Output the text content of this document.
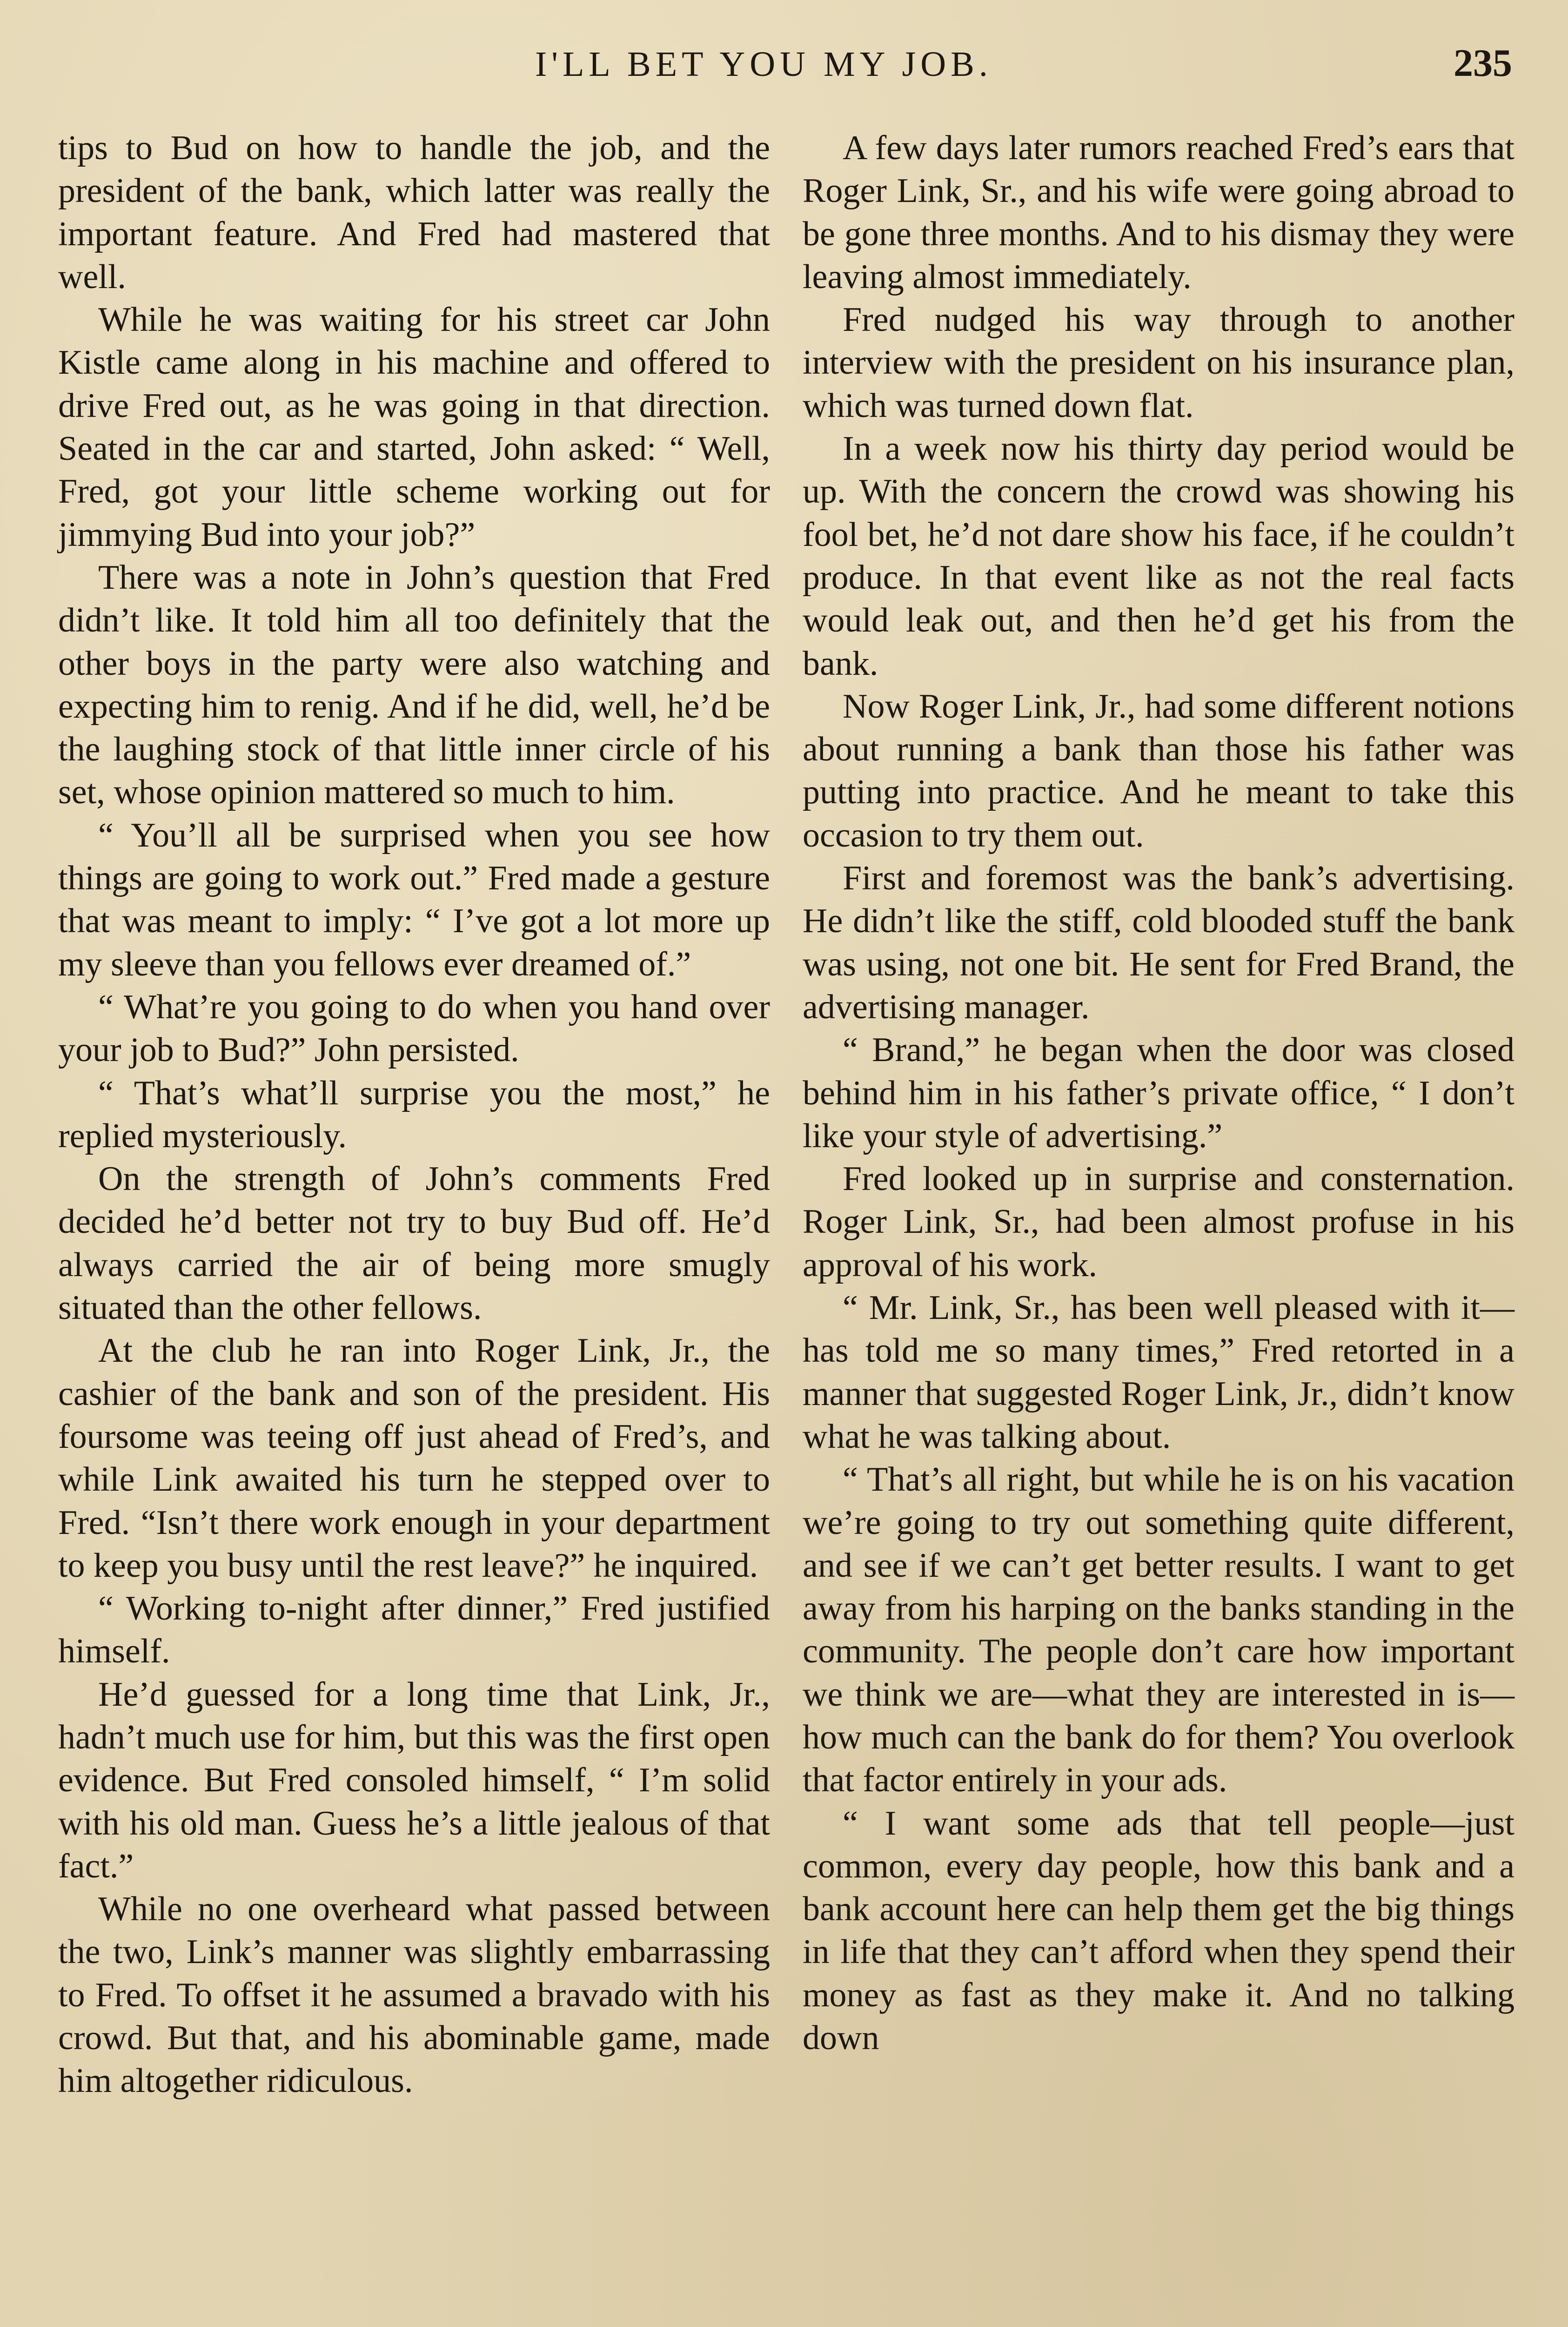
I'LL BET YOU MY JOB.	235

tips to Bud on how to handle the job, and the president of the bank, which latter was really the important feature. And Fred had mastered that well.

While he was waiting for his street car John Kistle came along in his machine and offered to drive Fred out, as he was going in that direction. Seated in the car and started, John asked: “ Well, Fred, got your little scheme working out for jimmying Bud into your job?”

There was a note in John’s question that Fred didn’t like. It told him all too definitely that the other boys in the party were also watching and expecting him to renig. And if he did, well, he’d be the laughing stock of that little inner circle of his set, whose opinion mattered so much to him.

“ You’ll all be surprised when you see how things are going to work out.” Fred made a gesture that was meant to imply: “ I’ve got a lot more up my sleeve than you fellows ever dreamed of.”

“ What’re you going to do when you hand over your job to Bud?” John persisted.

“ That’s what’ll surprise you the most,” he replied mysteriously.

On the strength of John’s comments Fred decided he’d better not try to buy Bud off. He’d always carried the air of being more smugly situated than the other fellows.

At the club he ran into Roger Link, Jr., the cashier of the bank and son of the president. His foursome was teeing off just ahead of Fred’s, and while Link awaited his turn he stepped over to Fred. “Isn’t there work enough in your department to keep you busy until the rest leave?” he inquired.

“ Working to-night after dinner,” Fred justified himself.

He’d guessed for a long time that Link, Jr., hadn’t much use for him, but this was the first open evidence. But Fred consoled himself, “ I’m solid with his old man. Guess he’s a little jealous of that fact.”

While no one overheard what passed between the two, Link’s manner was slightly embarrassing to Fred. To offset it he assumed a bravado with his crowd. But that, and his abominable game, made him altogether ridiculous.

A few days later rumors reached Fred’s ears that Roger Link, Sr., and his wife were going abroad to be gone three months. And to his dismay they were leaving almost immediately.

Fred nudged his way through to another interview with the president on his insurance plan, which was turned down flat.

In a week now his thirty day period would be up. With the concern the crowd was showing his fool bet, he’d not dare show his face, if he couldn’t produce. In that event like as not the real facts would leak out, and then he’d get his from the bank.

Now Roger Link, Jr., had some different notions about running a bank than those his father was putting into practice. And he meant to take this occasion to try them out.

First and foremost was the bank’s advertising. He didn’t like the stiff, cold blooded stuff the bank was using, not one bit. He sent for Fred Brand, the advertising manager.

“ Brand,” he began when the door was closed behind him in his father’s private office, “ I don’t like your style of advertising.”

Fred looked up in surprise and consternation. Roger Link, Sr., had been almost profuse in his approval of his work.

“ Mr. Link, Sr., has been well pleased with it—has told me so many times,” Fred retorted in a manner that suggested Roger Link, Jr., didn’t know what he was talking about.

“ That’s all right, but while he is on his vacation we’re going to try out something quite different, and see if we can’t get better results. I want to get away from his harping on the banks standing in the community. The people don’t care how important we think we are—what they are interested in is—how much can the bank do for them? You overlook that factor entirely in your ads.

“ I want some ads that tell people—just common, every day people, how this bank and a bank account here can help them get the big things in life that they can’t afford when they spend their money as fast as they make it. And no talking down
